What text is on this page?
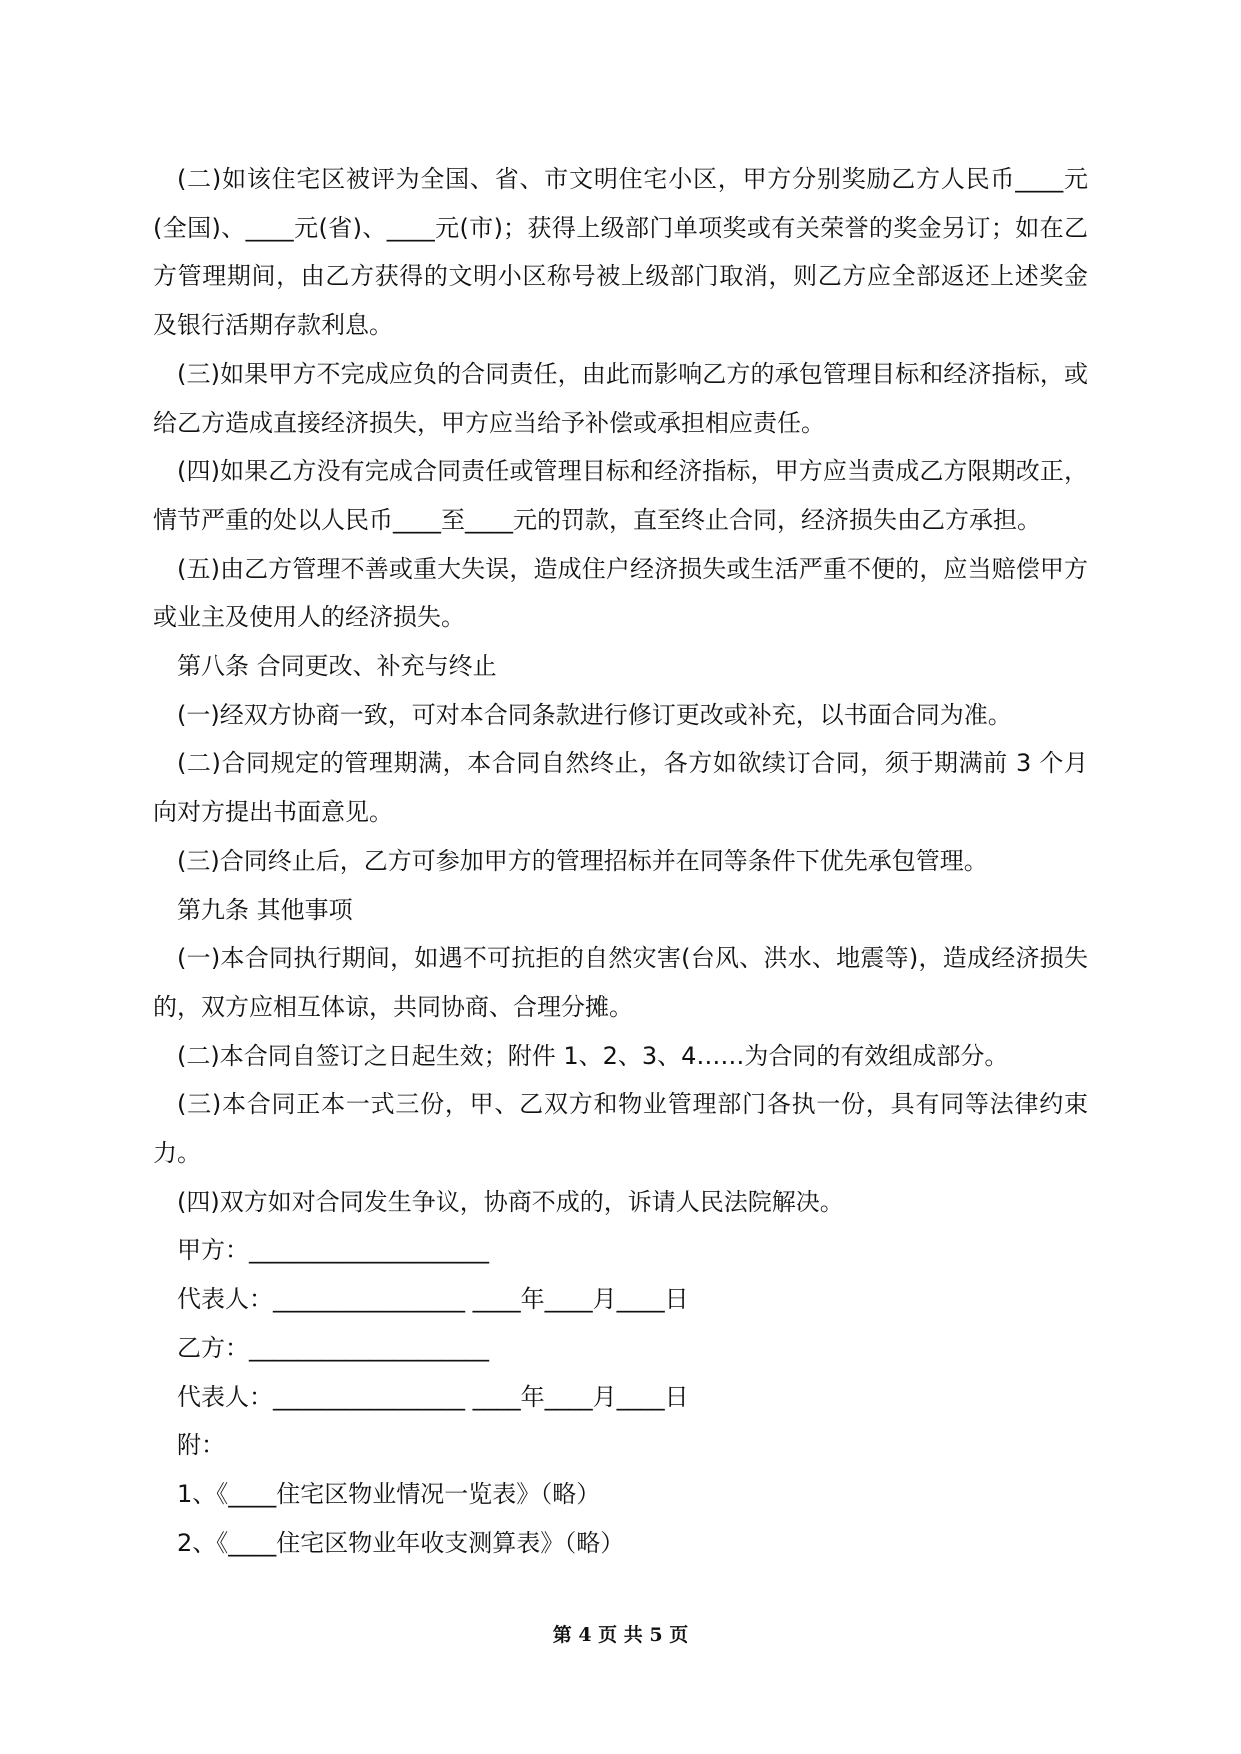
(二)如该住宅区被评为全国、省、市文明住宅小区，甲方分别奖励乙方人民币____元(全国)、____元(省)、____元(市)；获得上级部门单项奖或有关荣誉的奖金另订；如在乙方管理期间，由乙方获得的文明小区称号被上级部门取消，则乙方应全部返还上述奖金及银行活期存款利息。

(三)如果甲方不完成应负的合同责任，由此而影响乙方的承包管理目标和经济指标，或给乙方造成直接经济损失，甲方应当给予补偿或承担相应责任。

(四)如果乙方没有完成合同责任或管理目标和经济指标，甲方应当责成乙方限期改正，情节严重的处以人民币____至____元的罚款，直至终止合同，经济损失由乙方承担。

(五)由乙方管理不善或重大失误，造成住户经济损失或生活严重不便的，应当赔偿甲方或业主及使用人的经济损失。

第八条 合同更改、补充与终止

(一)经双方协商一致，可对本合同条款进行修订更改或补充，以书面合同为准。

(二)合同规定的管理期满，本合同自然终止，各方如欲续订合同，须于期满前 3 个月向对方提出书面意见。

(三)合同终止后，乙方可参加甲方的管理招标并在同等条件下优先承包管理。

第九条 其他事项

(一)本合同执行期间，如遇不可抗拒的自然灾害(台风、洪水、地震等)，造成经济损失的，双方应相互体谅，共同协商、合理分摊。

(二)本合同自签订之日起生效；附件 1、2、3、4……为合同的有效组成部分。

(三)本合同正本一式三份，甲、乙双方和物业管理部门各执一份，具有同等法律约束力。

(四)双方如对合同发生争议，协商不成的，诉请人民法院解决。

甲方：____________________
代表人：________________ ____年____月____日
乙方：____________________
代表人：________________ ____年____月____日
附：
1、《____住宅区物业情况一览表》（略）
2、《____住宅区物业年收支测算表》（略）
第 4 页 共 5 页
